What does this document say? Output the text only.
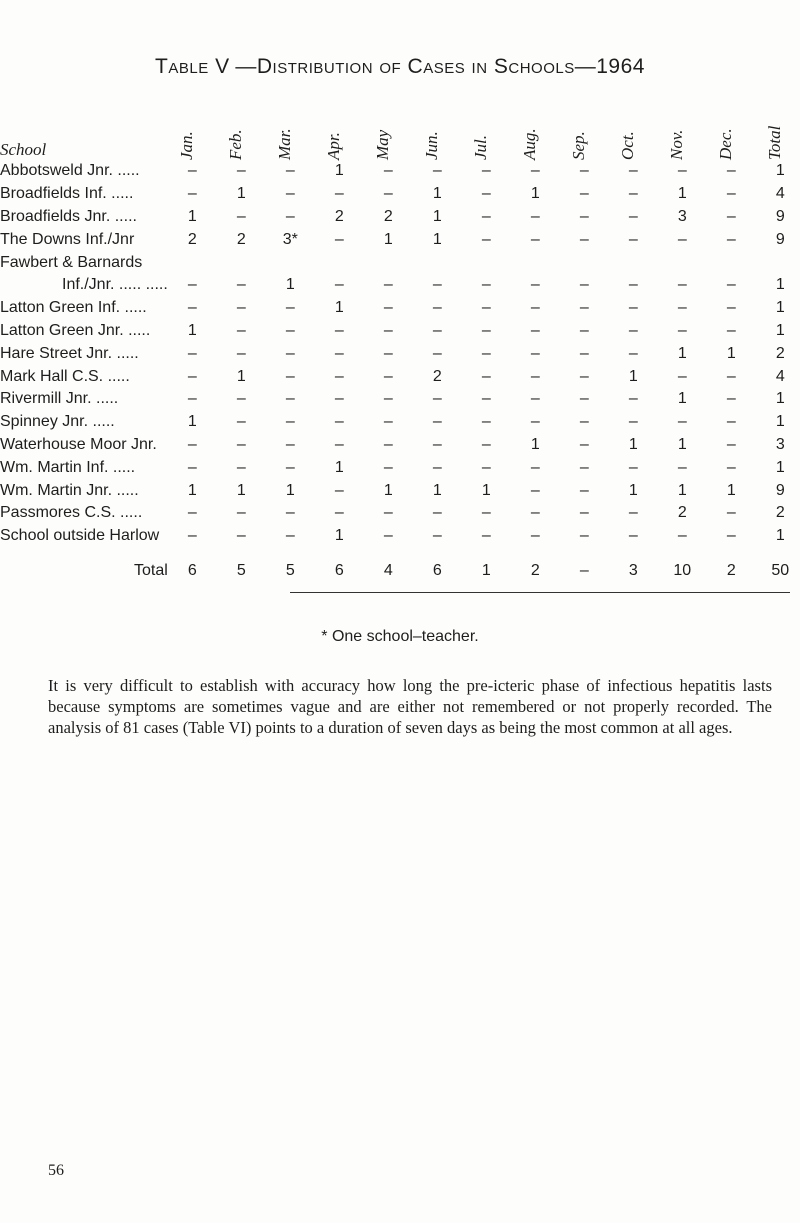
Table V —Distribution of Cases in Schools—1964
School	Jan.	Feb.	Mar.	Apr.	May	Jun.	Jul.	Aug.	Sep.	Oct.	Nov.	Dec.	Total

Abbotsweld Jnr. .....	–	–	–	1	–	–	–	–	–	–	–	–	1
Broadfields Inf. .....	–	1	–	–	–	1	–	1	–	–	1	–	4
Broadfields Jnr. .....	1	–	–	2	2	1	–	–	–	–	3	–	9
The Downs Inf./Jnr	2	2	3*	–	1	1	–	–	–	–	–	–	9
Fawbert & Barnards													
Inf./Jnr. ..... .....	–	–	1	–	–	–	–	–	–	–	–	–	1
Latton Green Inf. .....	–	–	–	1	–	–	–	–	–	–	–	–	1
Latton Green Jnr. .....	1	–	–	–	–	–	–	–	–	–	–	–	1
Hare Street Jnr. .....	–	–	–	–	–	–	–	–	–	–	1	1	2
Mark Hall C.S. .....	–	1	–	–	–	2	–	–	–	1	–	–	4
Rivermill Jnr. .....	–	–	–	–	–	–	–	–	–	–	1	–	1
Spinney Jnr. .....	1	–	–	–	–	–	–	–	–	–	–	–	1
Waterhouse Moor Jnr.	–	–	–	–	–	–	–	1	–	1	1	–	3
Wm. Martin Inf. .....	–	–	–	1	–	–	–	–	–	–	–	–	1
Wm. Martin Jnr. .....	1	1	1	–	1	1	1	–	–	1	1	1	9
Passmores C.S. .....	–	–	–	–	–	–	–	–	–	–	2	–	2
School outside Harlow	–	–	–	1	–	–	–	–	–	–	–	–	1
Total	6	5	5	6	4	6	1	2	–	3	10	2	50
* One school–teacher.
It is very difficult to establish with accuracy how long the pre-icteric phase of infectious hepatitis lasts because symptoms are sometimes vague and are either not remembered or not properly recorded. The analysis of 81 cases (Table VI) points to a duration of seven days as being the most common at all ages.
56
